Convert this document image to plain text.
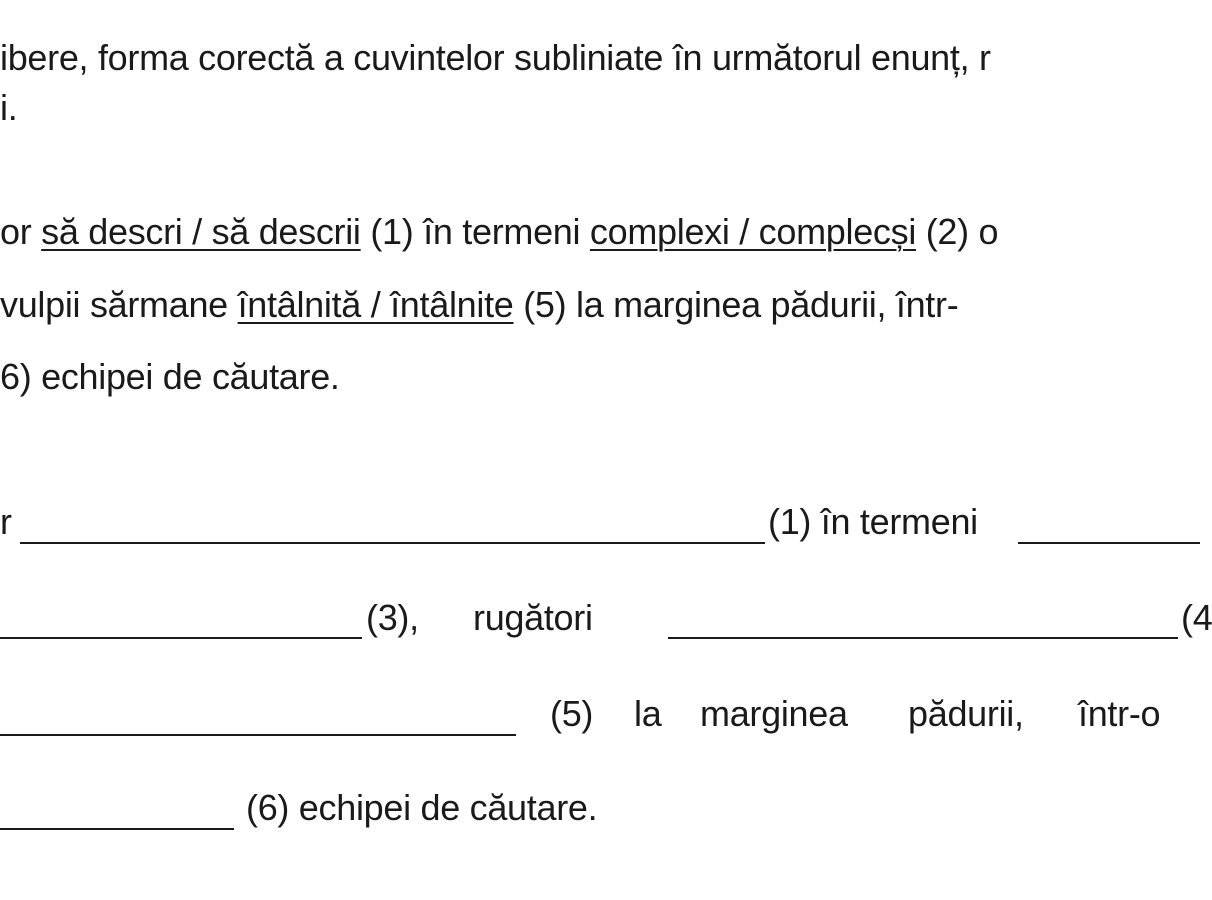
ibere, forma corectă a cuvintelor subliniate în următorul enunț, r
i.
or să descri / să descrii (1) în termeni complexi / complecși (2) o
vulpii sărmane întâlnită / întâlnite (5) la marginea pădurii, într-
6) echipei de căutare.
r	(1) în termeni
(3), rugători	(4
(5) la marginea pădurii, într-o
(6) echipei de căutare.
